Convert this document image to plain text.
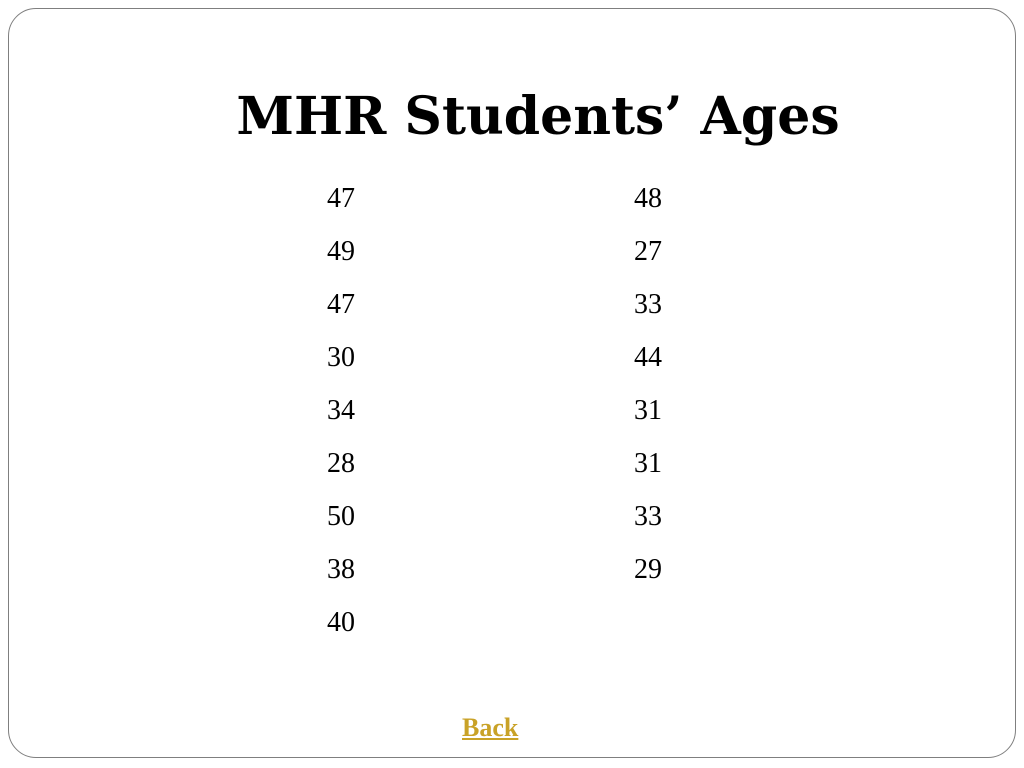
MHR Students’ Ages
47
49
47
30
34
28
50
38
40
48
27
33
44
31
31
33
29
Back
